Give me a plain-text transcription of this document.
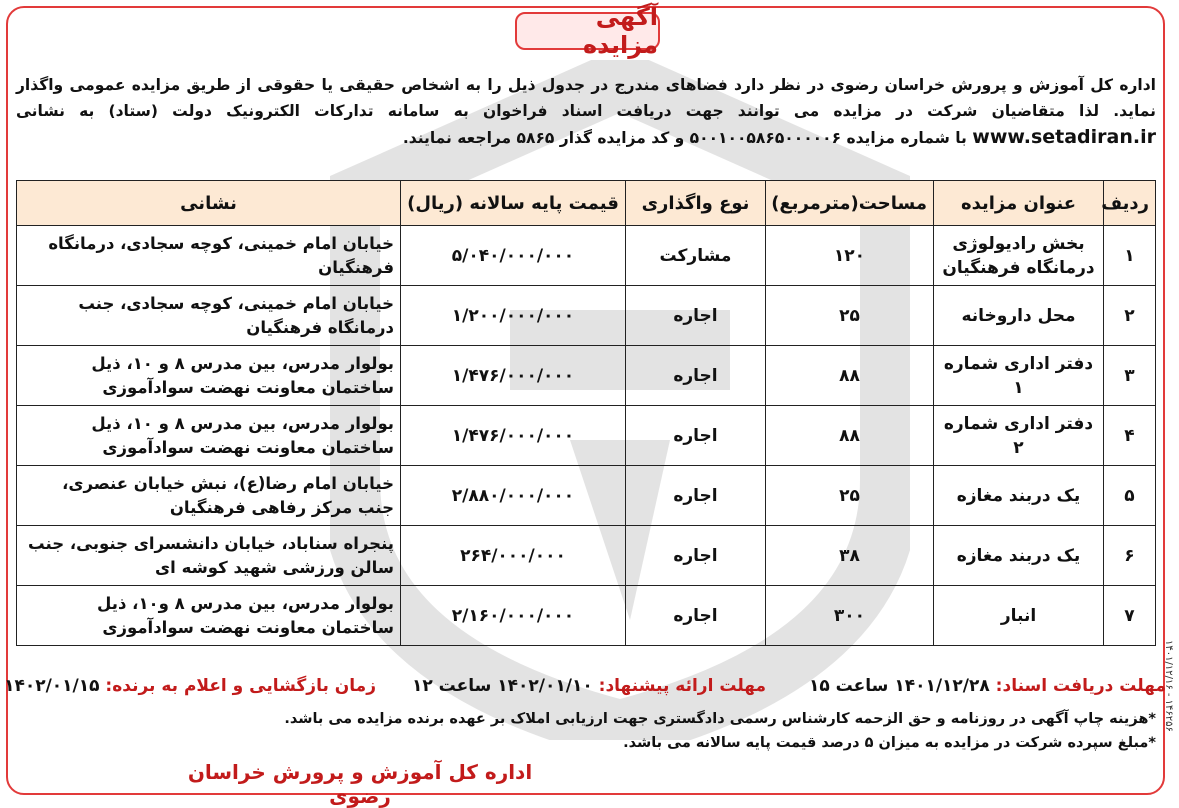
آگهی مزایده
اداره کل آموزش و پرورش خراسان رضوی در نظر دارد فضاهای مندرج در جدول ذیل را به اشخاص حقیقی یا حقوقی از طریق مزایده عمومی واگذار نماید. لذا متقاضیان شرکت در مزایده می توانند جهت دریافت اسناد فراخوان به سامانه تدارکات الکترونیک دولت (ستاد) به نشانی www.setadiran.ir با شماره مزایده ۵۰۰۱۰۰۵۸۶۵۰۰۰۰۰۶ و کد مزایده گذار ۵۸۶۵ مراجعه نمایند.
ردیف	عنوان مزایده	مساحت(مترمربع)	نوع واگذاری	قیمت پایه سالانه (ریال)	نشانی
۱	بخش رادیولوژی درمانگاه فرهنگیان	۱۲۰	مشارکت	۵/۰۴۰/۰۰۰/۰۰۰	خیابان امام خمینی، کوچه سجادی، درمانگاه فرهنگیان
۲	محل داروخانه	۲۵	اجاره	۱/۲۰۰/۰۰۰/۰۰۰	خیابان امام خمینی، کوچه سجادی، جنب درمانگاه فرهنگیان
۳	دفتر اداری شماره ۱	۸۸	اجاره	۱/۴۷۶/۰۰۰/۰۰۰	بولوار مدرس، بین مدرس ۸ و ۱۰، ذیل ساختمان معاونت نهضت سوادآموزی
۴	دفتر اداری شماره ۲	۸۸	اجاره	۱/۴۷۶/۰۰۰/۰۰۰	بولوار مدرس، بین مدرس ۸ و ۱۰، ذیل ساختمان معاونت نهضت سوادآموزی
۵	یک دربند مغازه	۲۵	اجاره	۲/۸۸۰/۰۰۰/۰۰۰	خیابان امام رضا(ع)، نبش خیابان عنصری، جنب مرکز رفاهی فرهنگیان
۶	یک دربند مغازه	۳۸	اجاره	۲۶۴/۰۰۰/۰۰۰	پنجراه سناباد، خیابان دانشسرای جنوبی، جنب سالن ورزشی شهید کوشه ای
۷	انبار	۳۰۰	اجاره	۲/۱۶۰/۰۰۰/۰۰۰	بولوار مدرس، بین مدرس ۸ و۱۰، ذیل ساختمان معاونت نهضت سوادآموزی
مهلت دریافت اسناد: ۱۴۰۱/۱۲/۲۸ ساعت ۱۵
مهلت ارائه پیشنهاد: ۱۴۰۲/۰۱/۱۰ ساعت ۱۲
زمان بازگشایی و اعلام به برنده: ۱۴۰۲/۰۱/۱۵
*هزینه چاپ آگهی در روزنامه و حق الزحمه کارشناس رسمی دادگستری جهت ارزیابی املاک بر عهده برنده مزایده می باشد.
*مبلغ سپرده شرکت در مزایده به میزان ۵ درصد قیمت پایه سالانه می باشد.
اداره کل آموزش و پرورش خراسان رضوی
۱۴۰۱/۱۲/۱۶ - ۱۴۶۲۵۶
